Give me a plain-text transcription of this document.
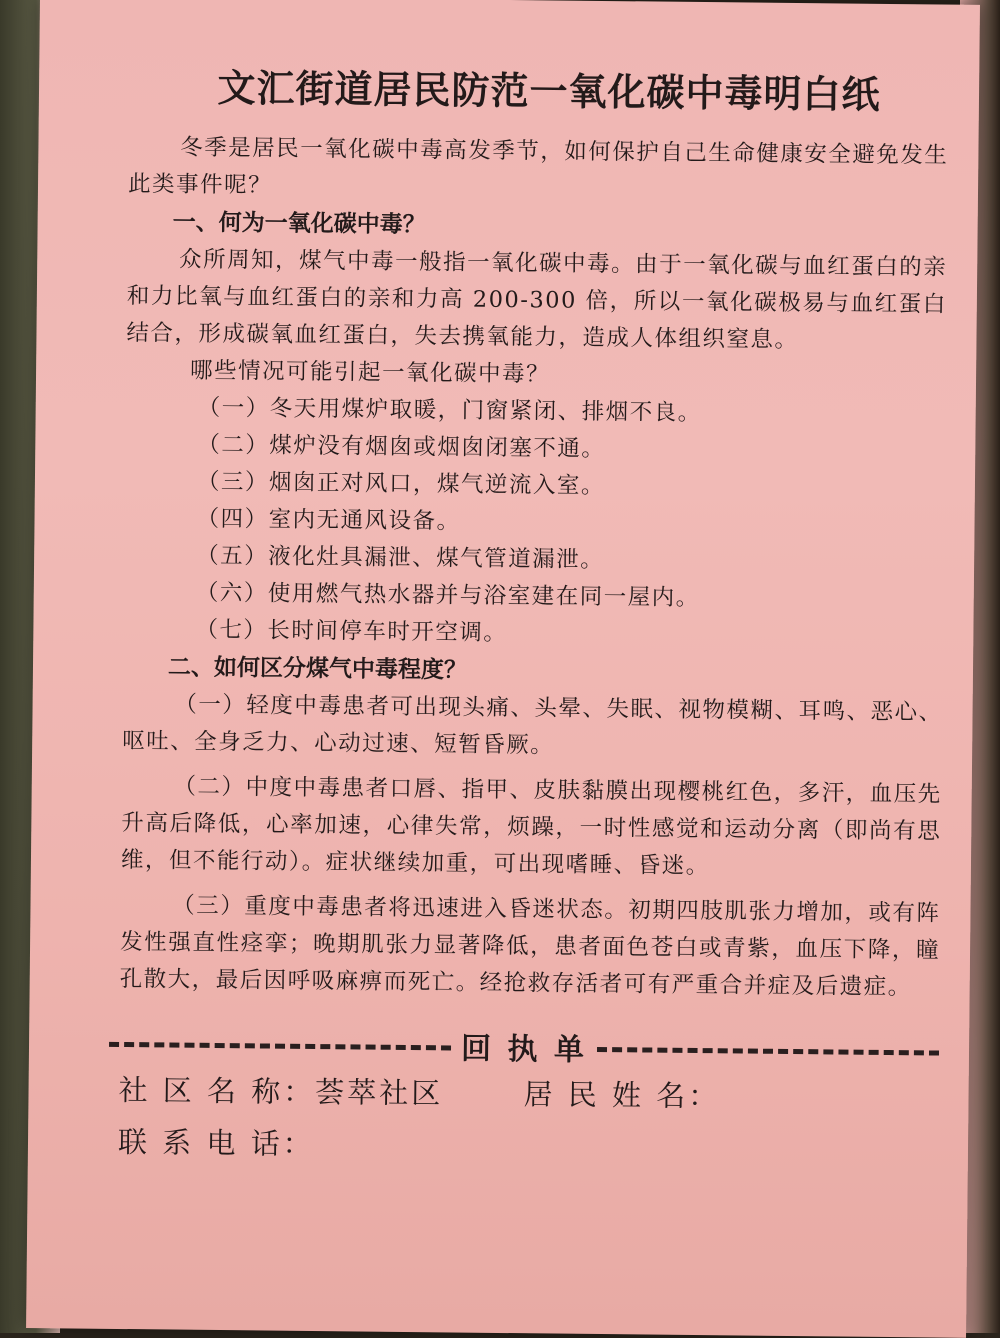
文汇街道居民防范一氧化碳中毒明白纸

冬季是居民一氧化碳中毒高发季节，如何保护自己生命健康安全避免发生此类事件呢？

一、何为一氧化碳中毒？

众所周知，煤气中毒一般指一氧化碳中毒。由于一氧化碳与血红蛋白的亲和力比氧与血红蛋白的亲和力高 200-300 倍，所以一氧化碳极易与血红蛋白结合，形成碳氧血红蛋白，失去携氧能力，造成人体组织窒息。

哪些情况可能引起一氧化碳中毒？

（一）冬天用煤炉取暖，门窗紧闭、排烟不良。

（二）煤炉没有烟囱或烟囱闭塞不通。

（三）烟囱正对风口，煤气逆流入室。

（四）室内无通风设备。

（五）液化灶具漏泄、煤气管道漏泄。

（六）使用燃气热水器并与浴室建在同一屋内。

（七）长时间停车时开空调。

二、如何区分煤气中毒程度？

（一）轻度中毒患者可出现头痛、头晕、失眠、视物模糊、耳鸣、恶心、呕吐、全身乏力、心动过速、短暂昏厥。

（二）中度中毒患者口唇、指甲、皮肤黏膜出现樱桃红色，多汗，血压先升高后降低，心率加速，心律失常，烦躁，一时性感觉和运动分离（即尚有思维，但不能行动）。症状继续加重，可出现嗜睡、昏迷。

（三）重度中毒患者将迅速进入昏迷状态。初期四肢肌张力增加，或有阵发性强直性痉挛；晚期肌张力显著降低，患者面色苍白或青紫，血压下降，瞳孔散大，最后因呼吸麻痹而死亡。经抢救存活者可有严重合并症及后遗症。

回 执 单
社 区 名 称：荟萃社区	居 民 姓 名：
联 系 电 话：
